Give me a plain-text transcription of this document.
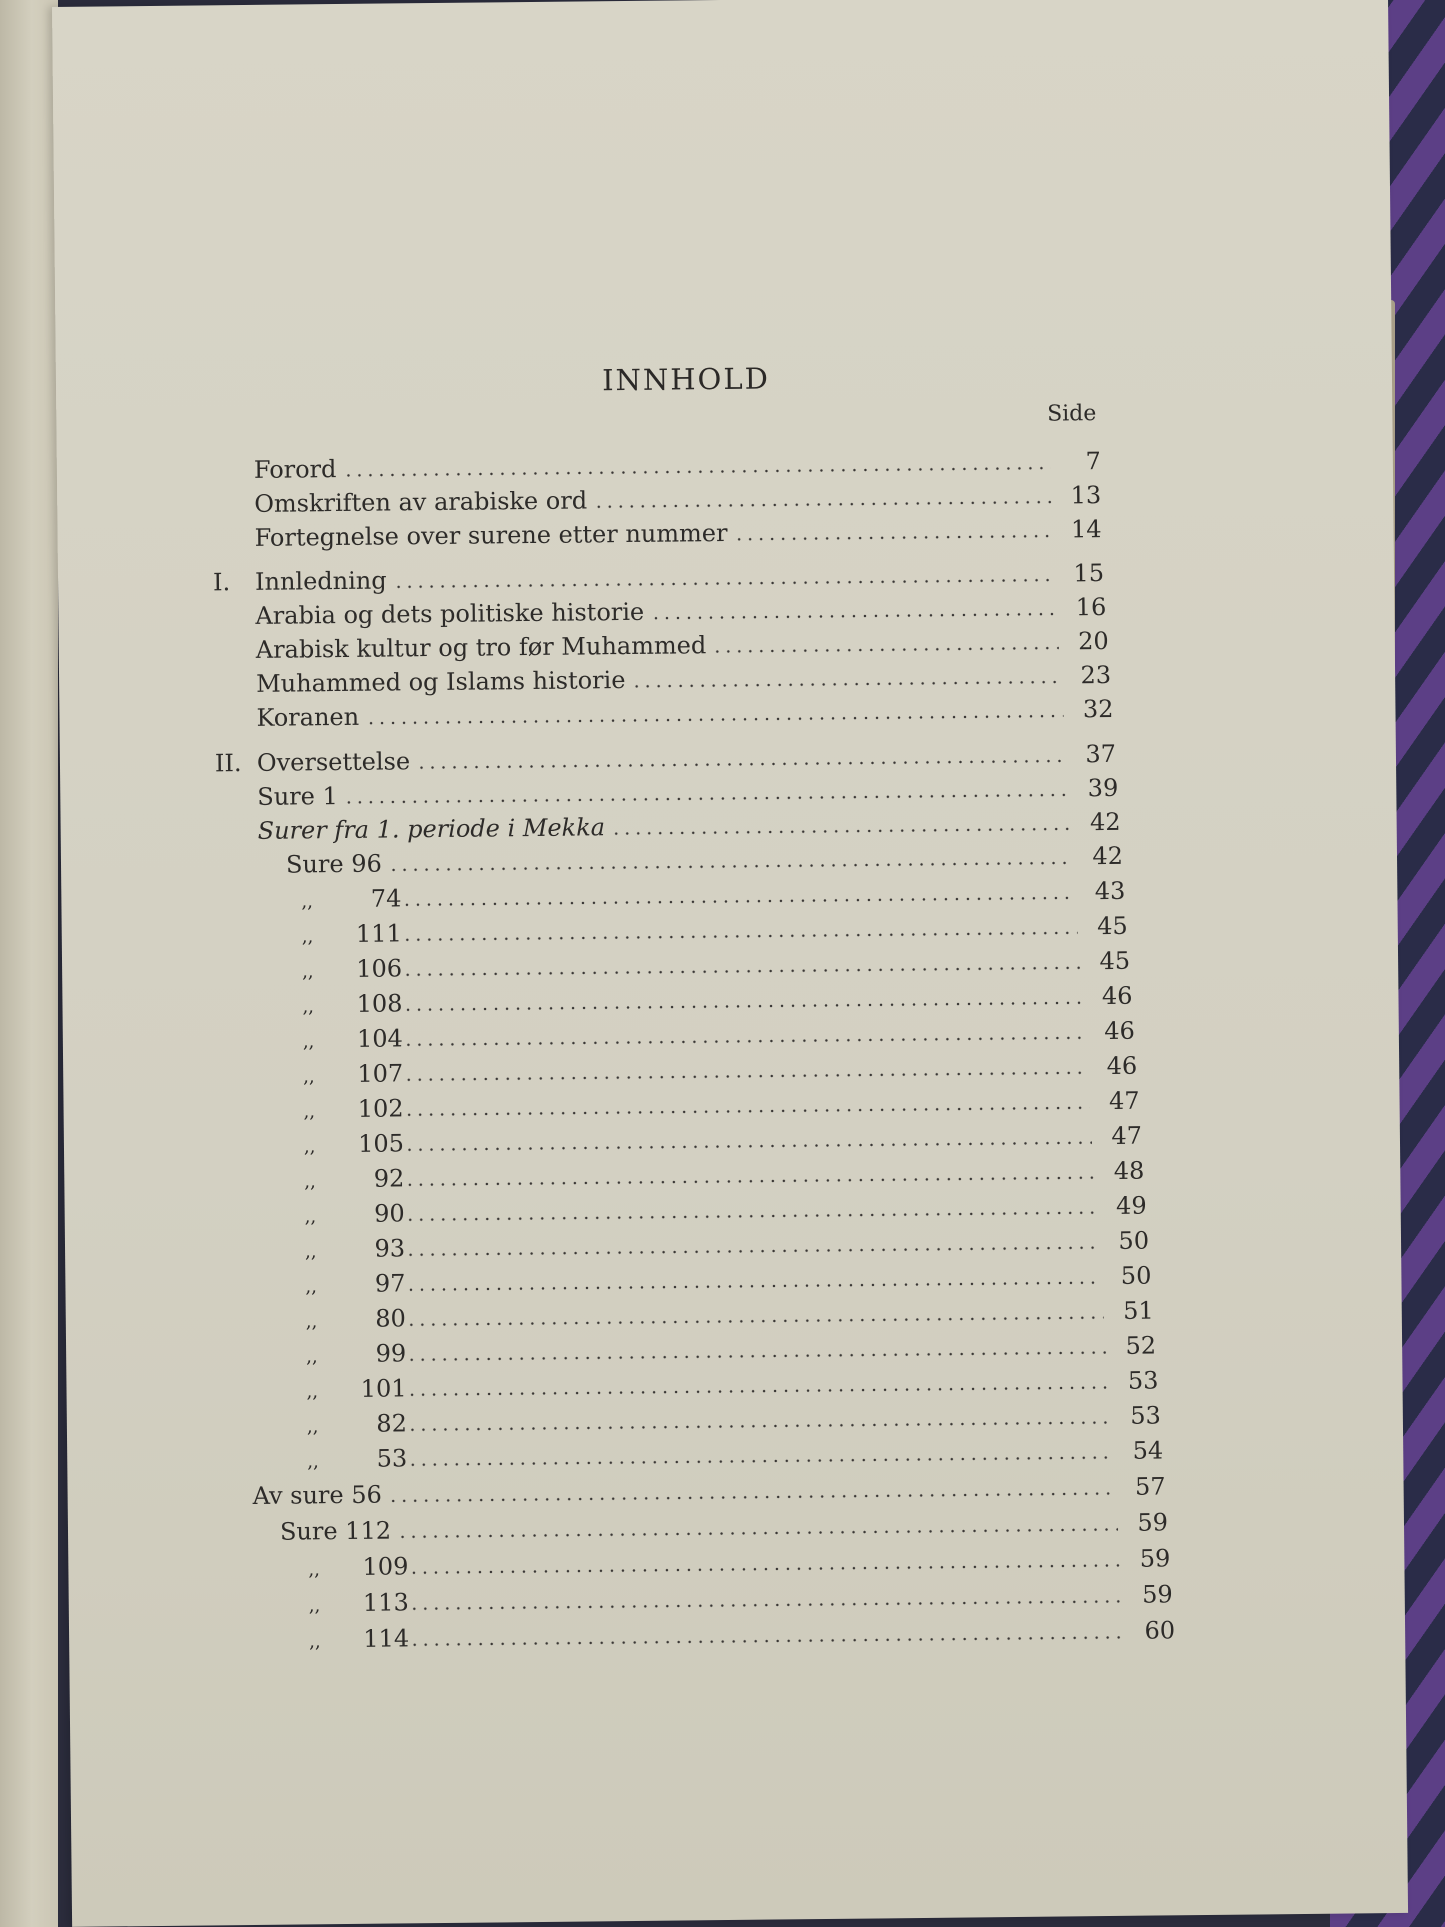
INNHOLD
Side
Forord	7
Omskriften av arabiske ord	13
Fortegnelse over surene etter nummer	14
I.	Innledning	15
Arabia og dets politiske historie	16
Arabisk kultur og tro før Muhammed	20
Muhammed og Islams historie	23
Koranen	32
II. Oversettelse	37
Sure 1	39
Surer fra 1. periode i Mekka	42
Sure 96	42
,,	74	43
,,	111	45
,,	106	45
,,	108	46
,,	104	46
,,	107	46
,,	102	47
,,	105	47
,,	92	48
,,	90	49
,,	93	50
,,	97	50
,,	80	51
,,	99	52
,,	101	53
,,	82	53
,,	53	54
Av sure 56	57
Sure 112	59
,,	109	59
,,	113	59
,,	114	60
